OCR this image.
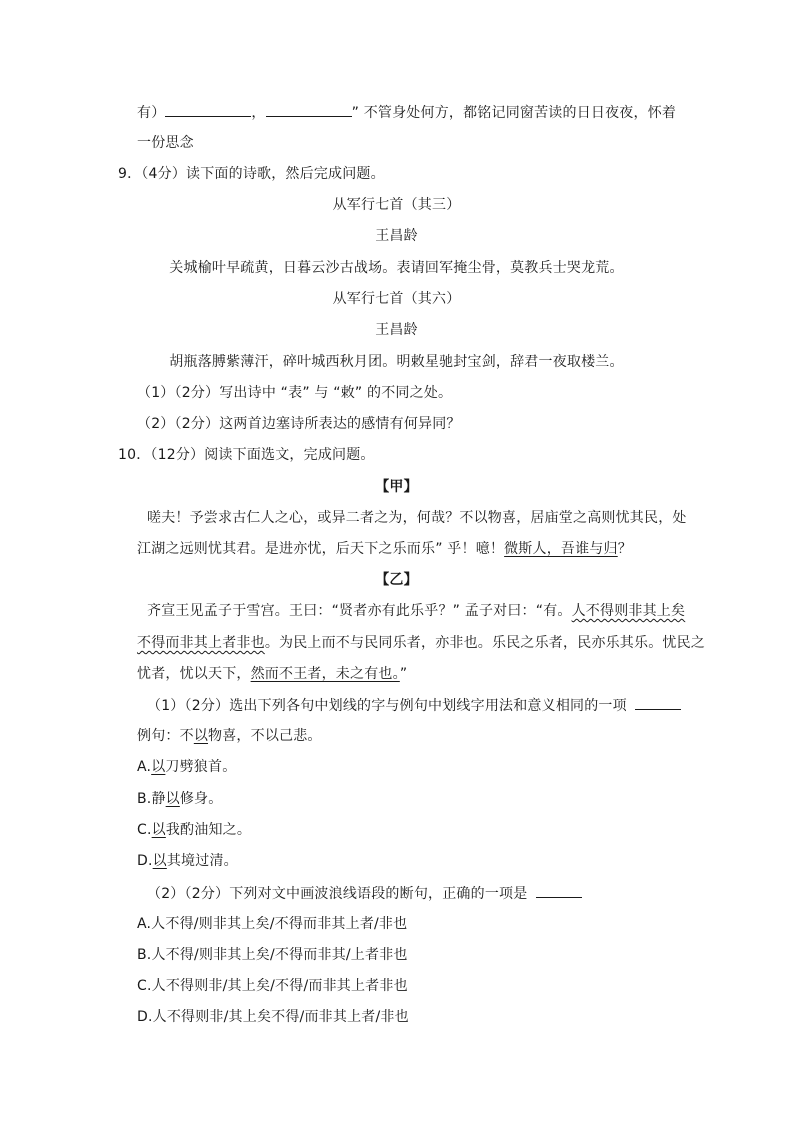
有）	，	” 不管身处何方，都铭记同窗苦读的日日夜夜，怀着
一份思念
9．（4分）读下面的诗歌，然后完成问题。
从军行七首（其三）
王昌龄
关城榆叶早疏黄，日暮云沙古战场。表请回军掩尘骨，莫教兵士哭龙荒。
从军行七首（其六）
王昌龄
胡瓶落膊紫薄汗，碎叶城西秋月团。明敕星驰封宝剑，辞君一夜取楼兰。
（1）（2分）写出诗中 “表” 与 “敕” 的不同之处。
（2）（2分）这两首边塞诗所表达的感情有何异同？
10．（12分）阅读下面选文，完成问题。
【甲】
嗟夫！予尝求古仁人之心，或异二者之为，何哉？不以物喜，居庙堂之高则忧其民，处
江湖之远则忧其君。是进亦忧，后天下之乐而乐” 乎！噫！微斯人，吾谁与归？
【乙】
齐宣王见孟子于雪宫。王曰：“贤者亦有此乐乎？” 孟子对曰：“有。人不得则非其上矣
不得而非其上者非也。为民上而不与民同乐者，亦非也。乐民之乐者，民亦乐其乐。忧民之
忧者，忧以天下，然而不王者，未之有也。”
（1）（2分）选出下列各句中划线的字与例句中划线字用法和意义相同的一项
例句：不以物喜，不以己悲。
A.以刀劈狼首。
B.静以修身。
C.以我酌油知之。
D.以其境过清。
（2）（2分）下列对文中画波浪线语段的断句，正确的一项是
A.人不得/则非其上矣/不得而非其上者/非也
B.人不得/则非其上矣/不得而非其/上者非也
C.人不得则非/其上矣/不得/而非其上者非也
D.人不得则非/其上矣不得/而非其上者/非也
